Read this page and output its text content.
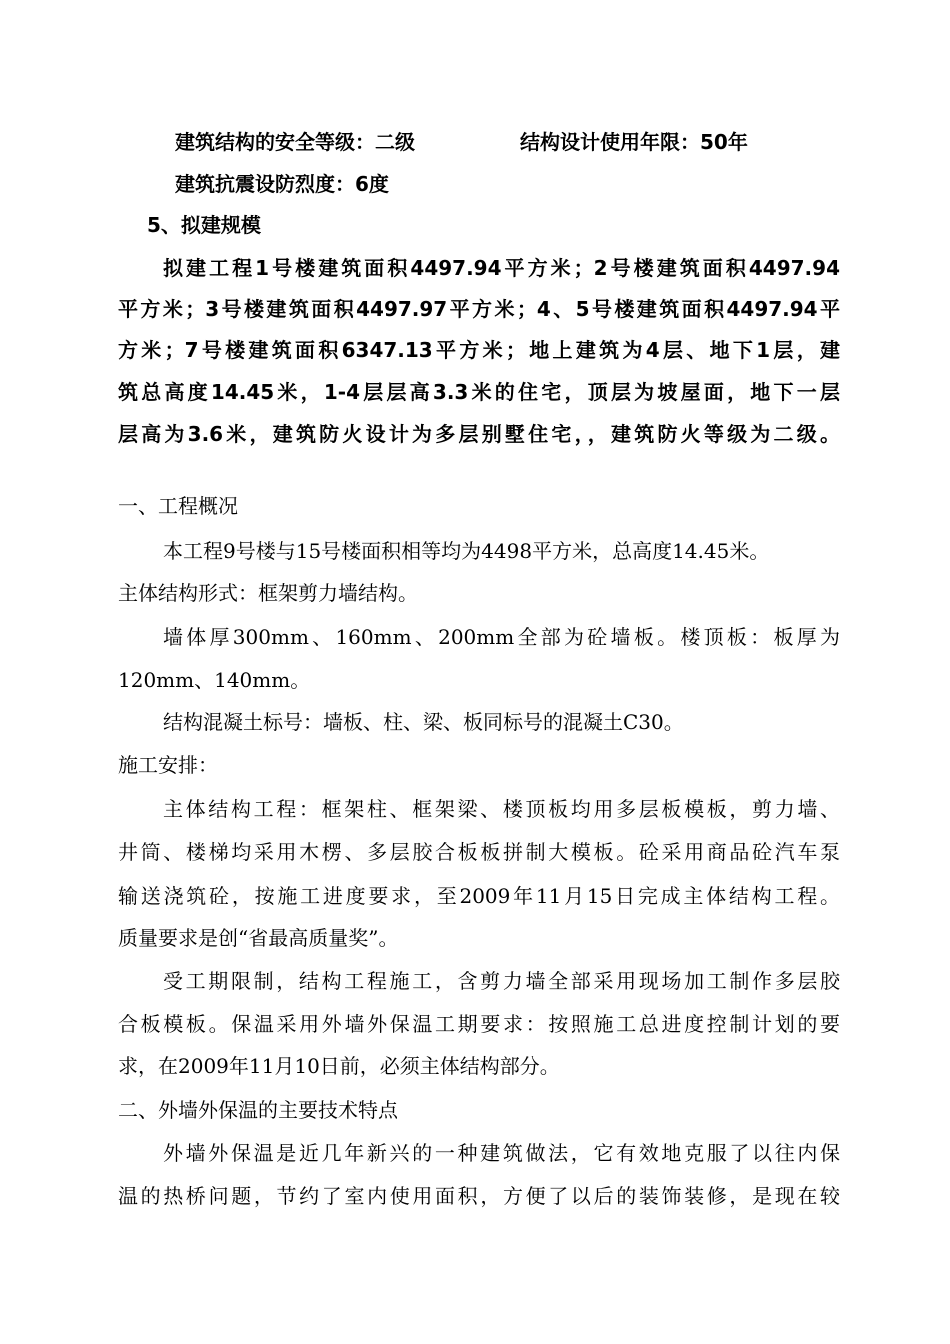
建筑结构的安全等级：二级	结构设计使用年限：50年
建筑抗震设防烈度：6度
5、拟建规模
拟建工程1号楼建筑面积4497.94平方米；2号楼建筑面积4497.94
平方米；3号楼建筑面积4497.97平方米；4、5号楼建筑面积4497.94平
方米；7号楼建筑面积6347.13平方米；地上建筑为4层、地下1层，建
筑总高度14.45米，1-4层层高3.3米的住宅，顶层为坡屋面，地下一层
层高为3.6米，建筑防火设计为多层别墅住宅，，建筑防火等级为二级。
一、工程概况
本工程9号楼与15号楼面积相等均为4498平方米，总高度14.45米。
主体结构形式：框架剪力墙结构。
墙体厚300mm、160mm、200mm全部为砼墙板。楼顶板：板厚为
120mm、140mm。
结构混凝土标号：墙板、柱、梁、板同标号的混凝土C30。
施工安排：
主体结构工程：框架柱、框架梁、楼顶板均用多层板模板，剪力墙、
井筒、楼梯均采用木楞、多层胶合板板拼制大模板。砼采用商品砼汽车泵
输送浇筑砼，按施工进度要求，至2009年11月15日完成主体结构工程。
质量要求是创“省最高质量奖”。
受工期限制，结构工程施工，含剪力墙全部采用现场加工制作多层胶
合板模板。保温采用外墙外保温工期要求：按照施工总进度控制计划的要
求，在2009年11月10日前，必须主体结构部分。
二、外墙外保温的主要技术特点
外墙外保温是近几年新兴的一种建筑做法，它有效地克服了以往内保
温的热桥问题，节约了室内使用面积，方便了以后的装饰装修，是现在较
